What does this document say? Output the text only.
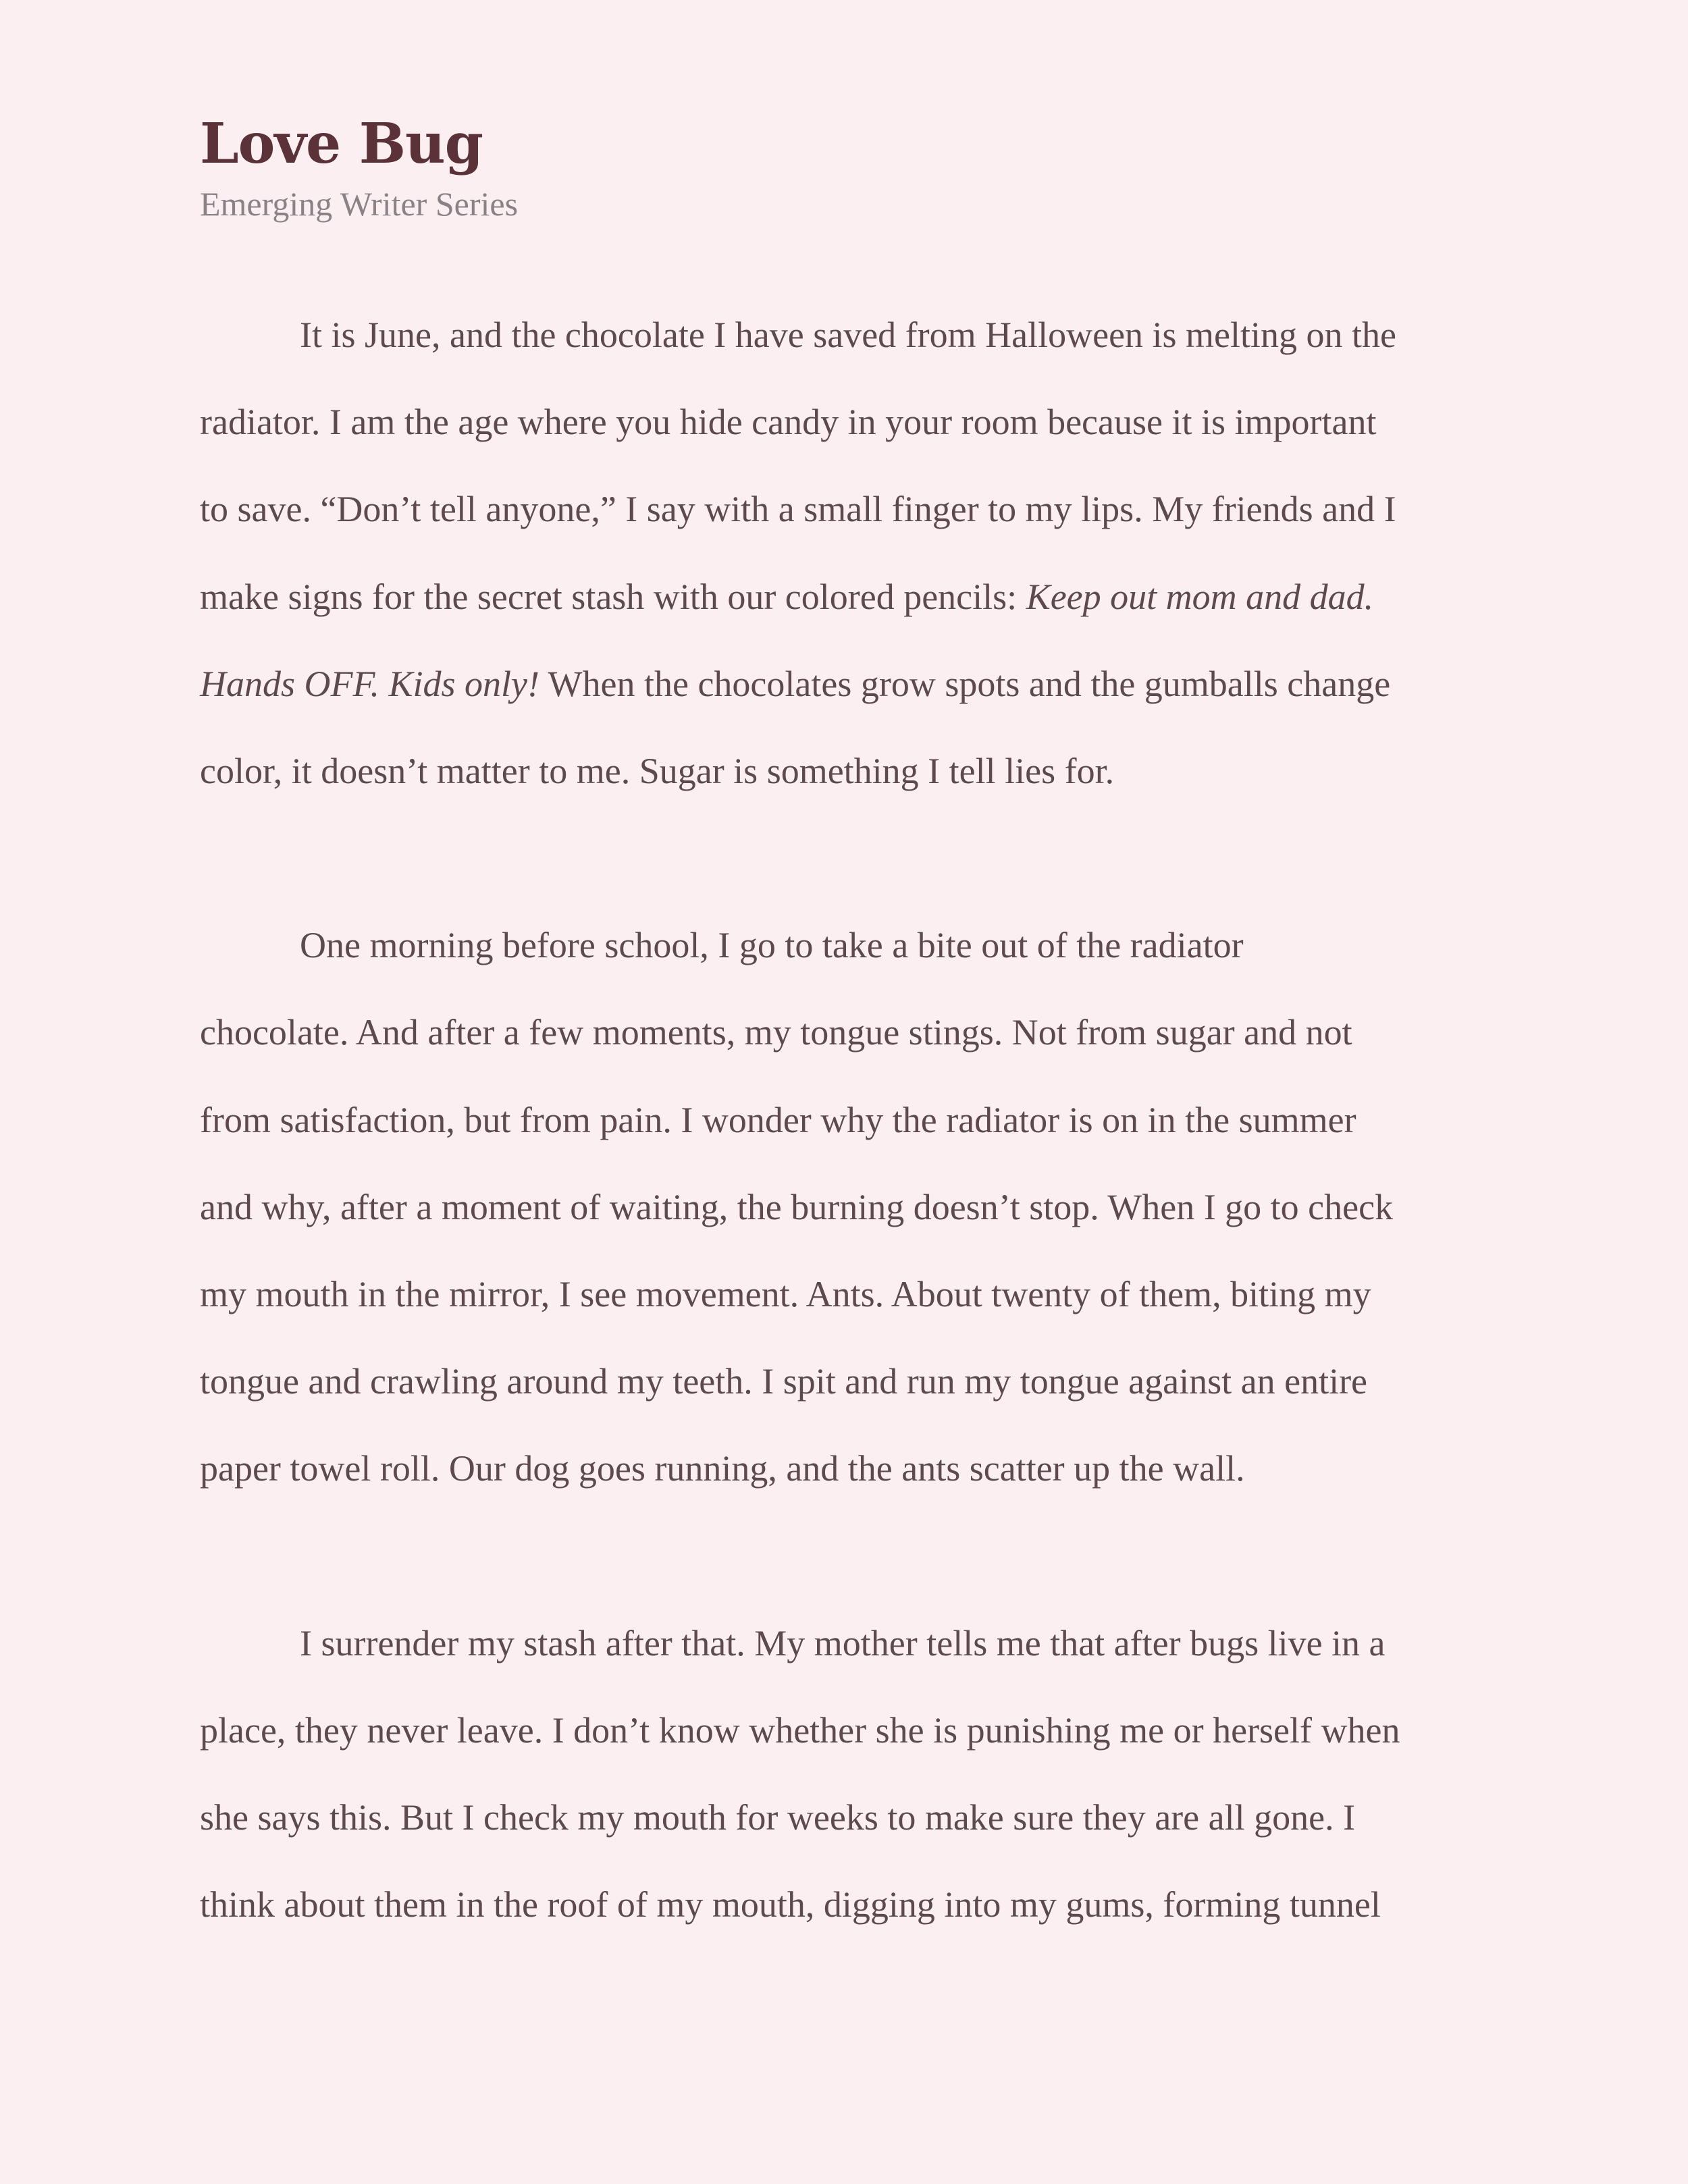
Love Bug
Emerging Writer Series

It is June, and the chocolate I have saved from Halloween is melting on the
radiator. I am the age where you hide candy in your room because it is important
to save. “Don’t tell anyone,” I say with a small finger to my lips. My friends and I
make signs for the secret stash with our colored pencils: Keep out mom and dad.
Hands OFF. Kids only! When the chocolates grow spots and the gumballs change
color, it doesn’t matter to me. Sugar is something I tell lies for.

One morning before school, I go to take a bite out of the radiator
chocolate. And after a few moments, my tongue stings. Not from sugar and not
from satisfaction, but from pain. I wonder why the radiator is on in the summer
and why, after a moment of waiting, the burning doesn’t stop. When I go to check
my mouth in the mirror, I see movement. Ants. About twenty of them, biting my
tongue and crawling around my teeth. I spit and run my tongue against an entire
paper towel roll. Our dog goes running, and the ants scatter up the wall.

I surrender my stash after that. My mother tells me that after bugs live in a
place, they never leave. I don’t know whether she is punishing me or herself when
she says this. But I check my mouth for weeks to make sure they are all gone. I
think about them in the roof of my mouth, digging into my gums, forming tunnel
